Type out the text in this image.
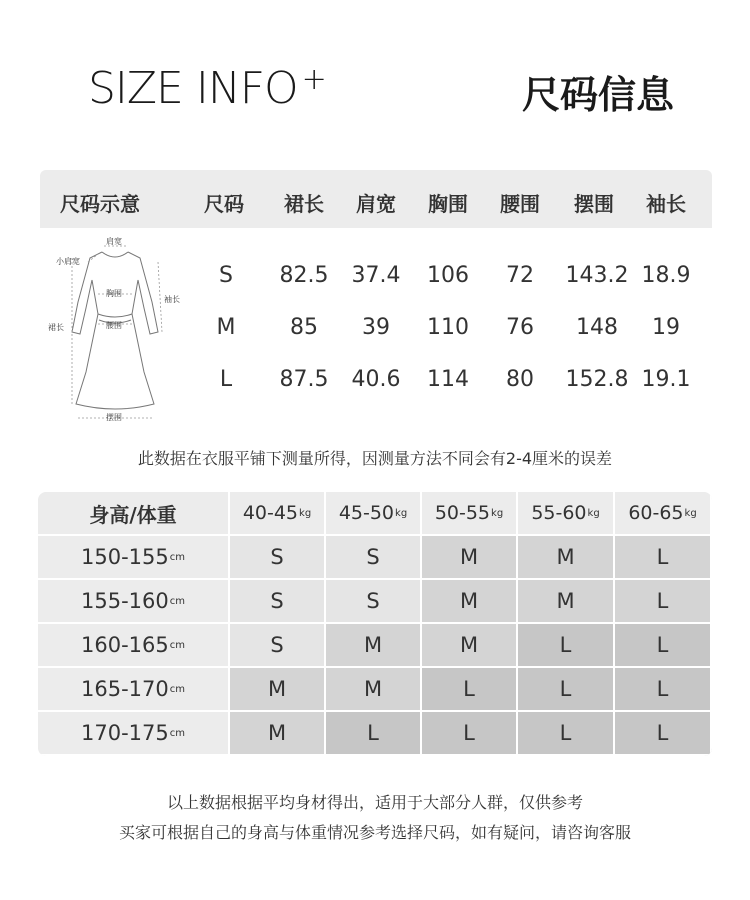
SIZE INFO +	尺码信息
尺码示意	尺码 裙长 肩宽 胸围 腰围 摆围 袖长
S 82.5 37.4 106 72 143.2 18.9
M 85 39 110 76 148 19
L 87.5 40.6 114 80 152.8 19.1
肩宽
小肩宽
袖长
胸围
裙长	腰围
摆围
此数据在衣服平铺下测量所得，因测量方法不同会有2-4厘米的误差
身高/体重	40-45 kg 45-50 kg 50-55 kg 55-60 kg 60-65 kg
150-155 cm	S	S	M	M	L
155-160 cm	S	S	M	M	L
160-165 cm	S	M	M	L	L
165-170 cm	M	M	L	L	L
170-175 cm	M	L	L	L	L
以上数据根据平均身材得出，适用于大部分人群，仅供参考
买家可根据自己的身高与体重情况参考选择尺码，如有疑问，请咨询客服
